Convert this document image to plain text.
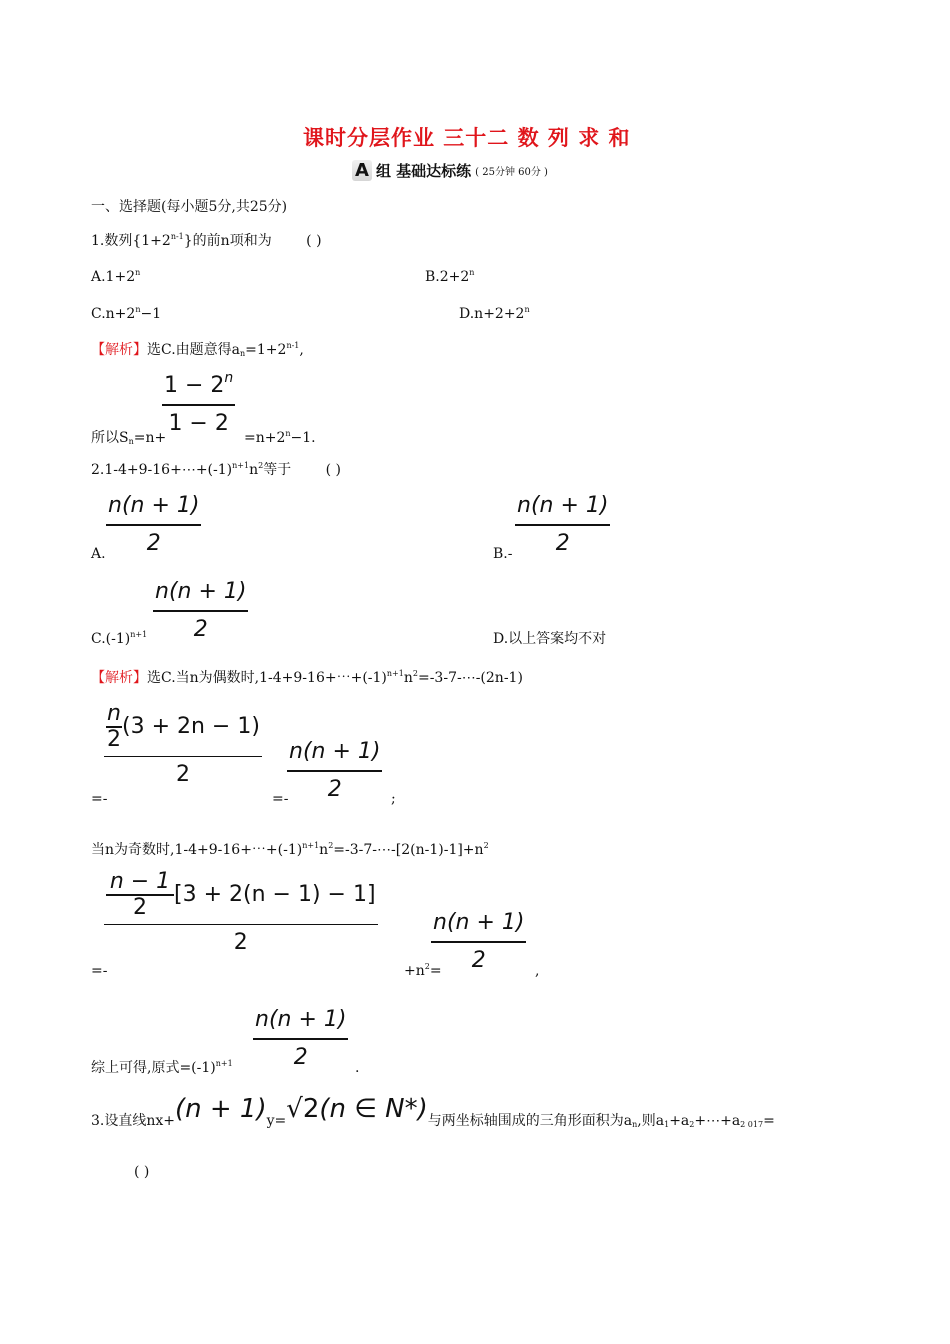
课时分层作业 三十二 数 列 求 和
A 组 基础达标练 ( 25分钟 60分 )
一、选择题(每小题5分,共25分)
1.数列$\{1+2^{n-1}\}$的前n项和为 ( )
$A.1+2^n$	$B.2+2^n$
$C.n+2^n-1$	$D.n+2+2^n$
【解析】选C.由题意得$a_n=1+2^{n-1}$,
$1 - 2^n$
1 − 2
所以$S_n=n+$	$=n+2^n-1$.
$2.1-4+9-16+\cdots+(-1)^{n+1}n^2$等于 ( )
n(n + 1)
2
A.
n(n + 1)
2
B.-
n(n + 1)
2
$C.(-1)^{n+1}$	D.以上答案均不对
【解析】选C.当n为偶数时$,1-4+9-16+\cdots+(-1)^{n+1}n^2=-3-7-\cdots-(2n-1)$
n
2
(3 + 2n − 1)
2
=-
n(n + 1)
2
=-	;
当n为奇数时$,1-4+9-16+\cdots+(-1)^{n+1}n^2=-3-7-\cdots-[2(n-1)-1]+n^2$
n − 1
2
[3 + 2(n − 1) − 1]
2
=-	$+n^2=$
n(n + 1)
2	,
n(n + 1)
2
综上可得,原式$=(-1)^{n+1}$	.
3.设直线nx+ (n + 1) y= √2 (n ∈ N*) 与两坐标轴围成的三角形面积为$a_n$,则$a_1+a_2+\cdots+a_{2 017}=$
( )
